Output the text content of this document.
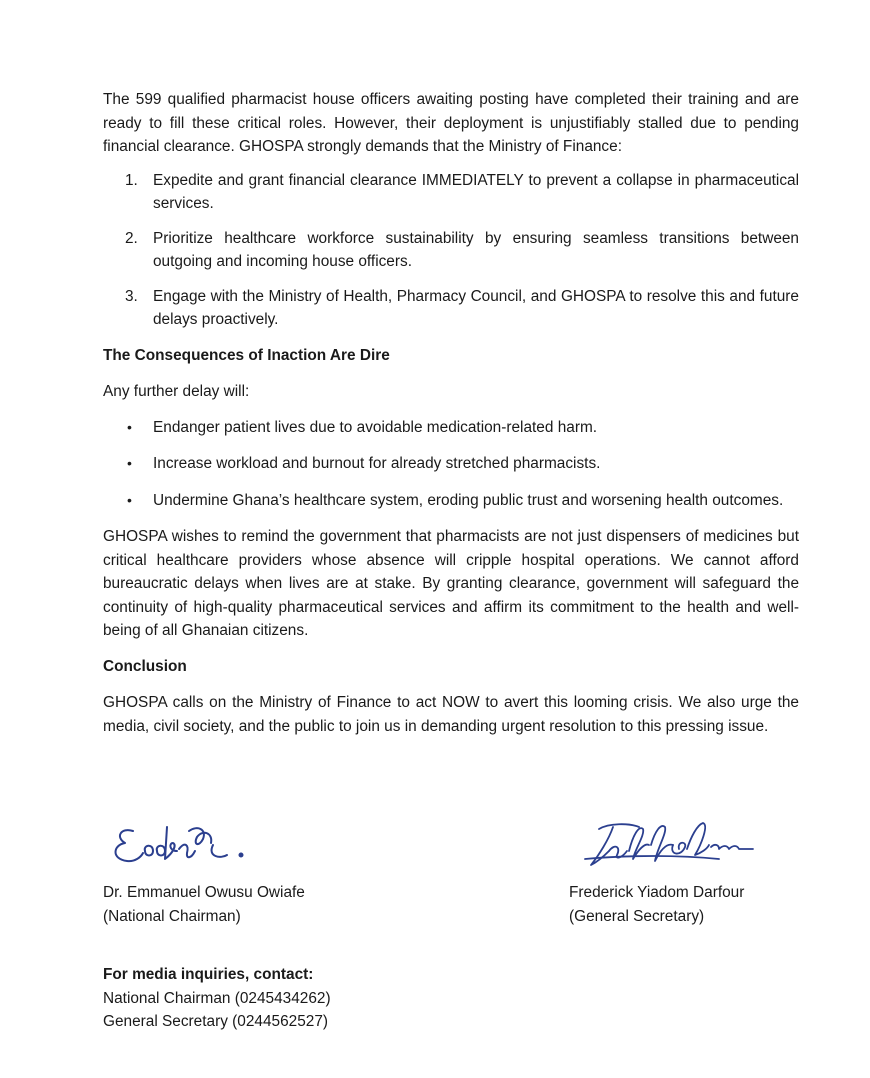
The 599 qualified pharmacist house officers awaiting posting have completed their training and are ready to fill these critical roles. However, their deployment is unjustifiably stalled due to pending financial clearance. GHOSPA strongly demands that the Ministry of Finance:

1. Expedite and grant financial clearance IMMEDIATELY to prevent a collapse in pharmaceutical services.
2. Prioritize healthcare workforce sustainability by ensuring seamless transitions between outgoing and incoming house officers.
3. Engage with the Ministry of Health, Pharmacy Council, and GHOSPA to resolve this and future delays proactively.
The Consequences of Inaction Are Dire

Any further delay will:

• Endanger patient lives due to avoidable medication-related harm.
• Increase workload and burnout for already stretched pharmacists.
• Undermine Ghana’s healthcare system, eroding public trust and worsening health outcomes.

GHOSPA wishes to remind the government that pharmacists are not just dispensers of medicines but critical healthcare providers whose absence will cripple hospital operations. We cannot afford bureaucratic delays when lives are at stake. By granting clearance, government will safeguard the continuity of high-quality pharmaceutical services and affirm its commitment to the health and well-being of all Ghanaian citizens.

Conclusion

GHOSPA calls on the Ministry of Finance to act NOW to avert this looming crisis. We also urge the media, civil society, and the public to join us in demanding urgent resolution to this pressing issue.

Dr. Emmanuel Owusu Owiafe
(National Chairman)
Frederick Yiadom Darfour
(General Secretary)
For media inquiries, contact:
National Chairman (0245434262)
General Secretary (0244562527)
